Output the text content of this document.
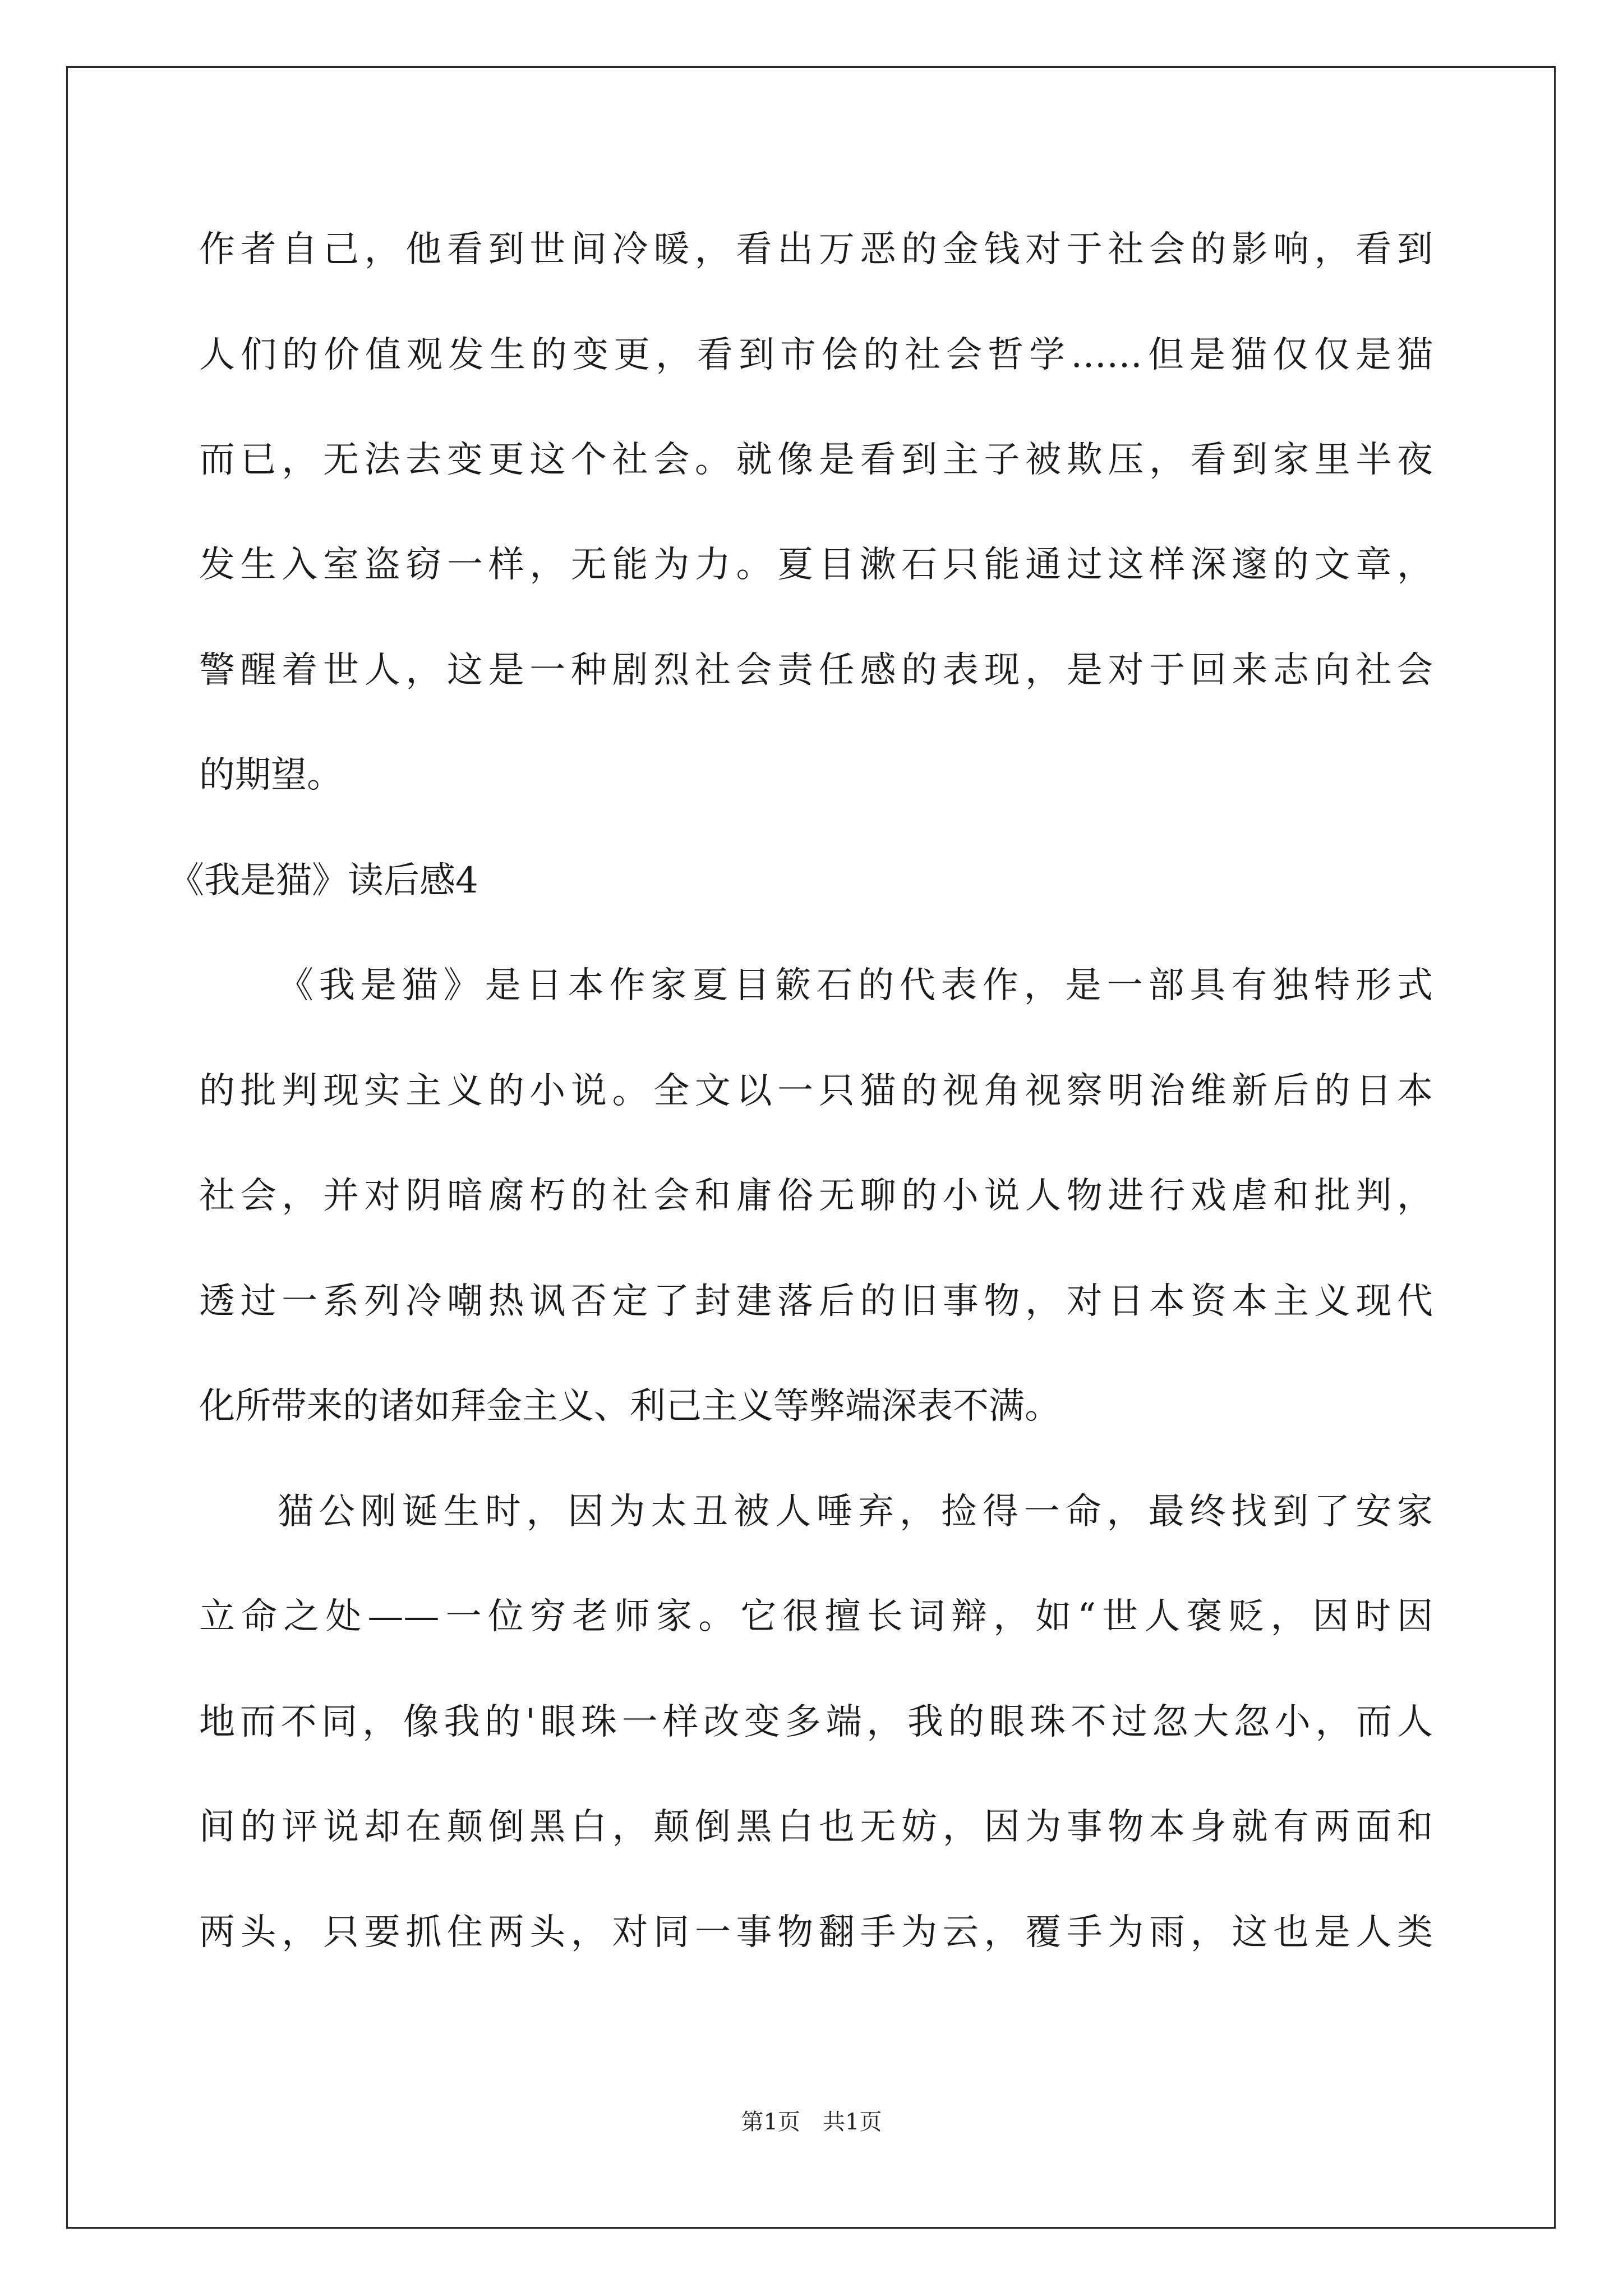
作者自己，他看到世间冷暖，看出万恶的金钱对于社会的影响，看到
人们的价值观发生的变更，看到市侩的社会哲学……但是猫仅仅是猫
而已，无法去变更这个社会。就像是看到主子被欺压，看到家里半夜
发生入室盗窃一样，无能为力。夏目漱石只能通过这样深邃的文章，
警醒着世人，这是一种剧烈社会责任感的表现，是对于回来志向社会
的期望。
《我是猫》读后感4
《我是猫》是日本作家夏目簌石的代表作，是一部具有独特形式
的批判现实主义的小说。全文以一只猫的视角视察明治维新后的日本
社会，并对阴暗腐朽的社会和庸俗无聊的小说人物进行戏虐和批判，
透过一系列冷嘲热讽否定了封建落后的旧事物，对日本资本主义现代
化所带来的诸如拜金主义、利己主义等弊端深表不满。
猫公刚诞生时，因为太丑被人唾弃，捡得一命，最终找到了安家
立命之处——一位穷老师家。它很擅长词辩，如“世人褒贬，因时因
地而不同，像我的'眼珠一样改变多端，我的眼珠不过忽大忽小，而人
间的评说却在颠倒黑白，颠倒黑白也无妨，因为事物本身就有两面和
两头，只要抓住两头，对同一事物翻手为云，覆手为雨，这也是人类
第1页　共1页
